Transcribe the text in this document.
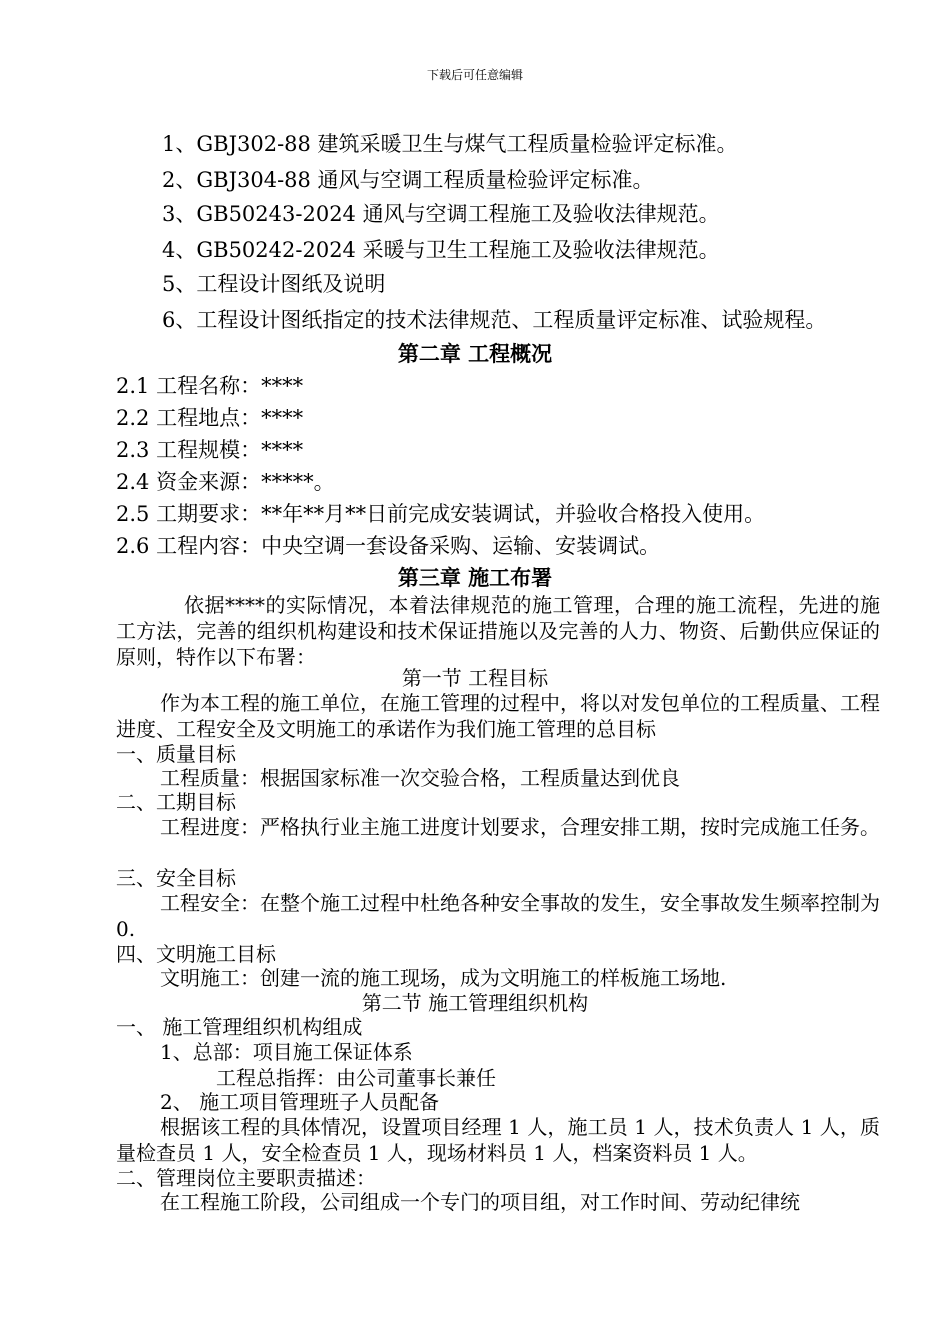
下载后可任意编辑
1、GBJ302-88 建筑采暖卫生与煤气工程质量检验评定标准。
2、GBJ304-88 通风与空调工程质量检验评定标准。
3、GB50243-2024 通风与空调工程施工及验收法律规范。
4、GB50242-2024 采暖与卫生工程施工及验收法律规范。
5、工程设计图纸及说明
6、工程设计图纸指定的技术法律规范、工程质量评定标准、试验规程。
第二章 工程概况
2.1 工程名称：****
2.2 工程地点：****
2.3 工程规模：****
2.4 资金来源：*****。
2.5 工期要求：**年**月**日前完成安装调试，并验收合格投入使用。
2.6 工程内容：中央空调一套设备采购、运输、安装调试。
第三章 施工布署
依据****的实际情况，本着法律规范的施工管理，合理的施工流程，先进的施工方法，完善的组织机构建设和技术保证措施以及完善的人力、物资、后勤供应保证的原则，特作以下布署：
第一节 工程目标
作为本工程的施工单位，在施工管理的过程中，将以对发包单位的工程质量、工程进度、工程安全及文明施工的承诺作为我们施工管理的总目标
一、质量目标
工程质量：根据国家标准一次交验合格，工程质量达到优良
二、工期目标
工程进度：严格执行业主施工进度计划要求，合理安排工期，按时完成施工任务。
三、安全目标
工程安全：在整个施工过程中杜绝各种安全事故的发生，安全事故发生频率控制为 0.
四、文明施工目标
文明施工：创建一流的施工现场，成为文明施工的样板施工场地.
第二节 施工管理组织机构
一、 施工管理组织机构组成
1、总部：项目施工保证体系
工程总指挥：由公司董事长兼任
2、 施工项目管理班子人员配备
根据该工程的具体情况，设置项目经理 1 人，施工员 1 人，技术负责人 1 人，质量检查员 1 人，安全检查员 1 人，现场材料员 1 人，档案资料员 1 人。
二、管理岗位主要职责描述：
在工程施工阶段，公司组成一个专门的项目组，对工作时间、劳动纪律统
